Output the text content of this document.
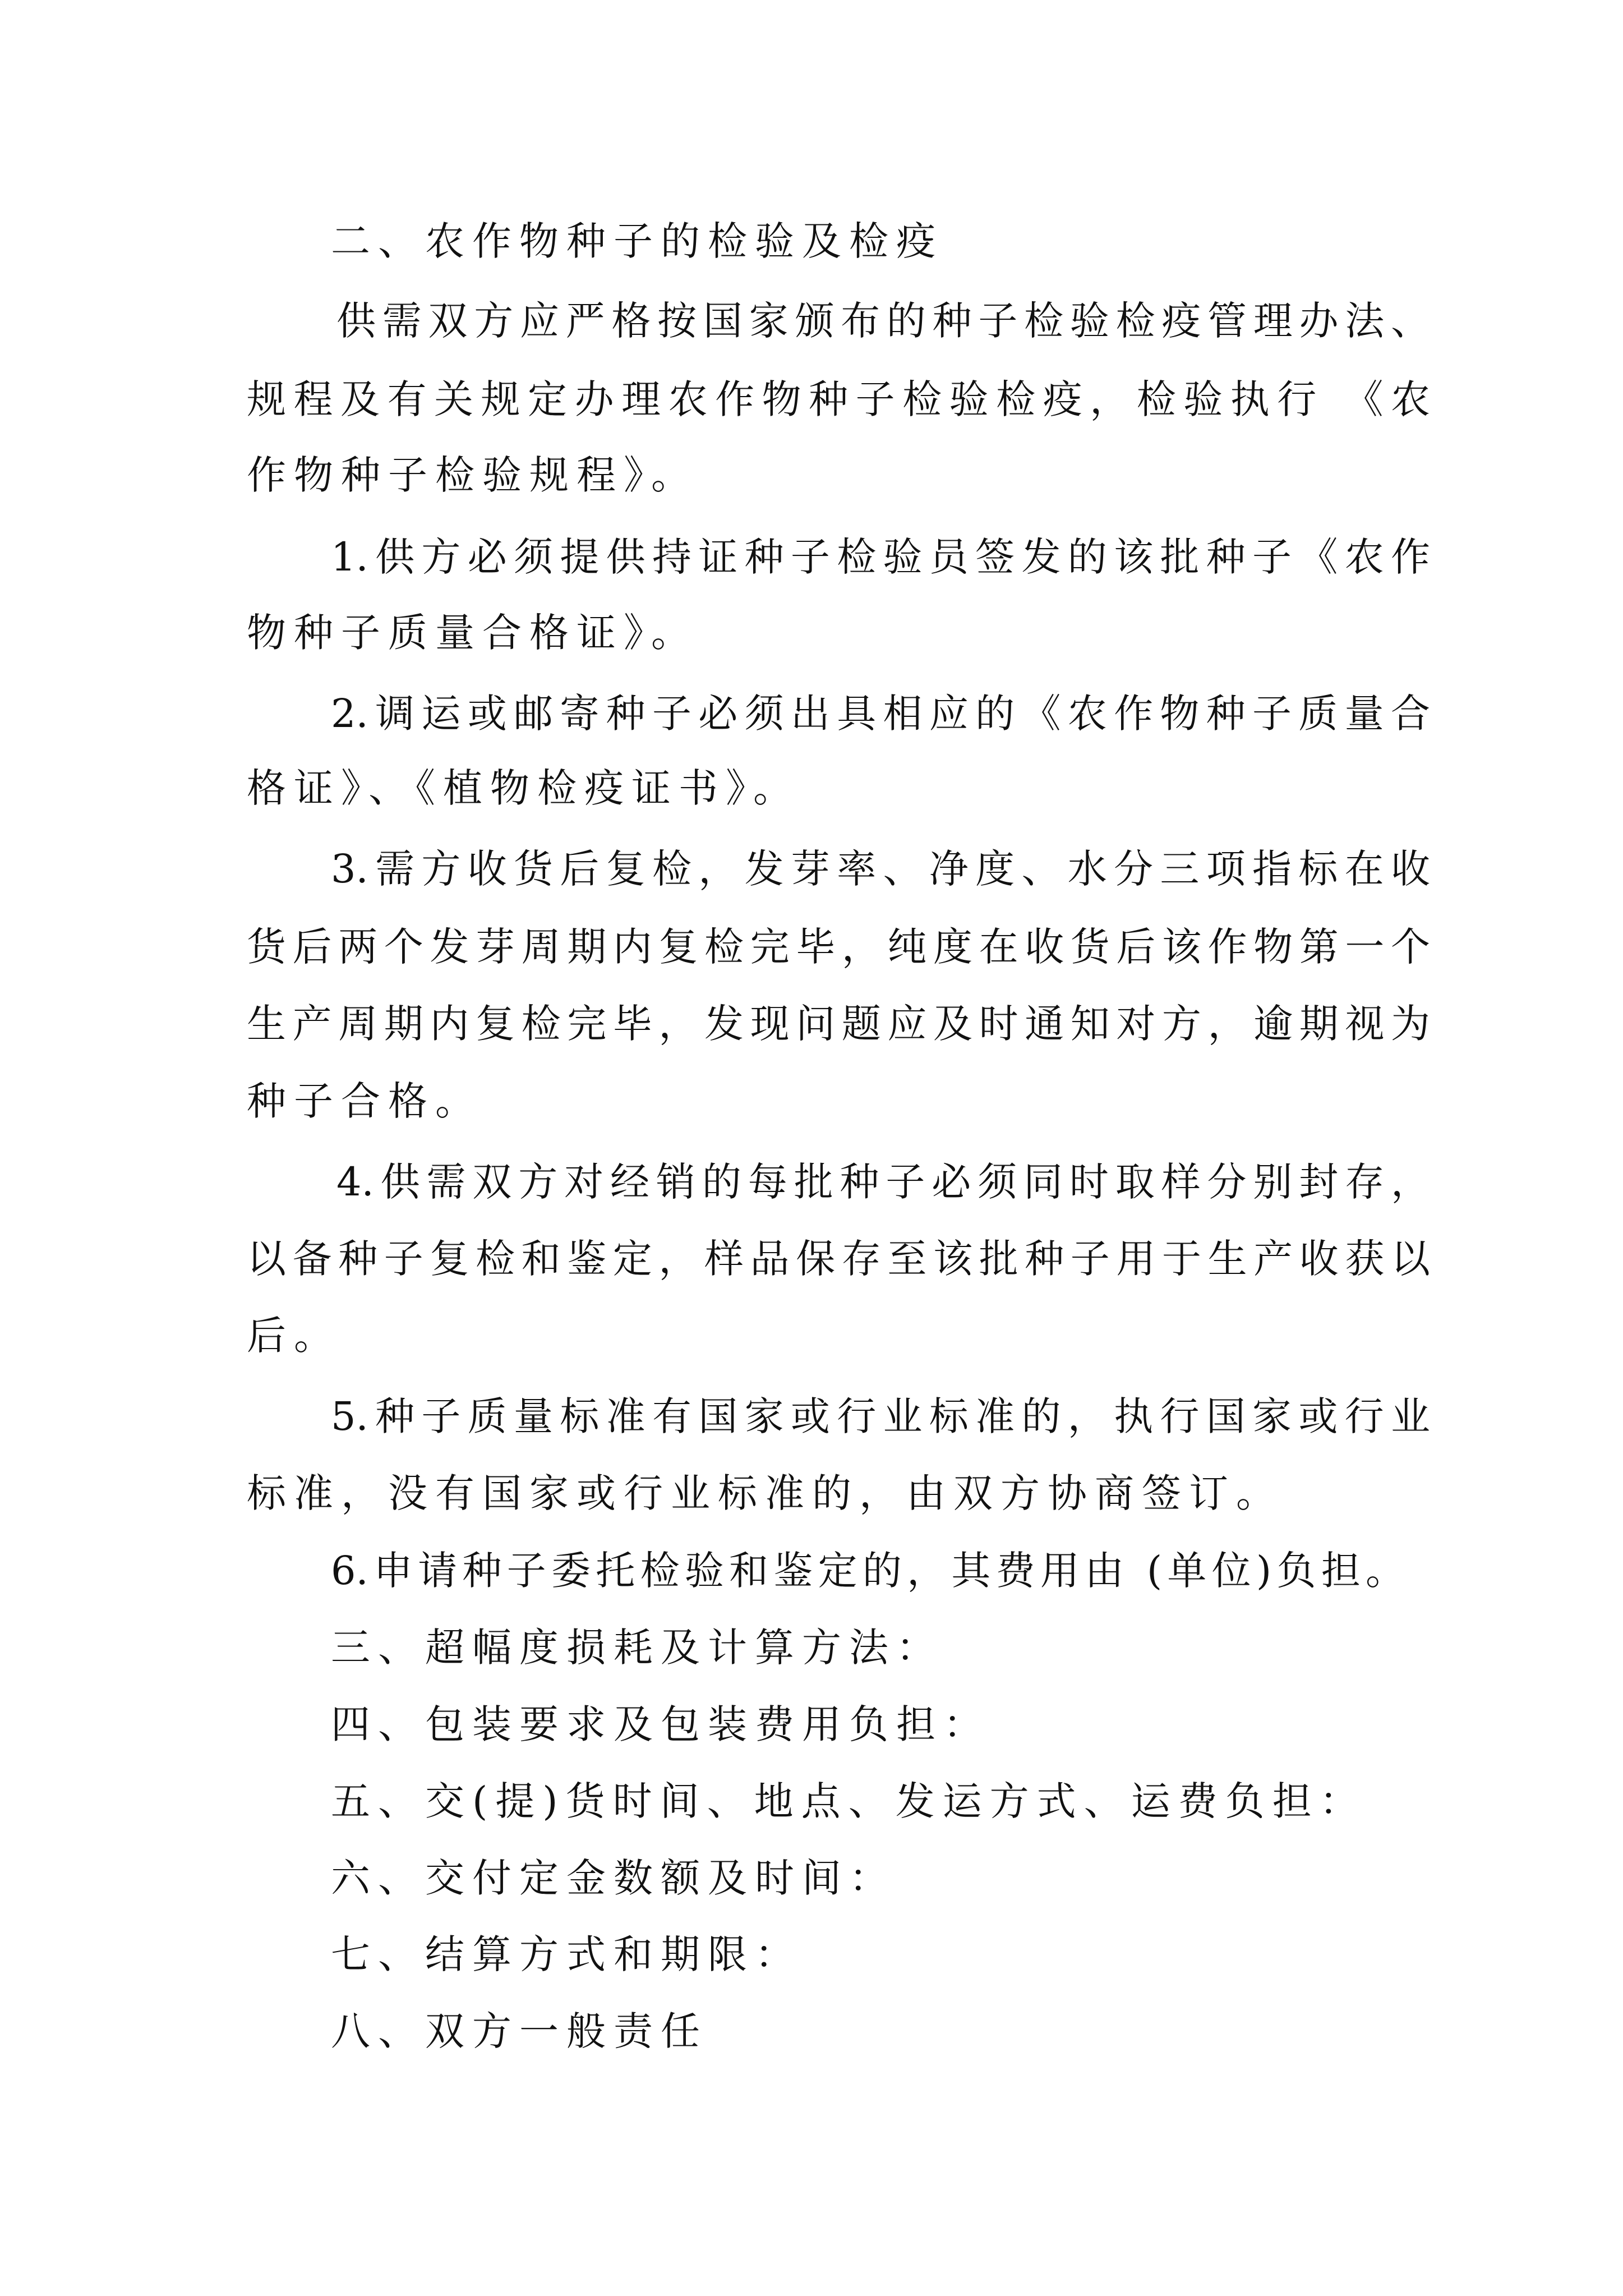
二、农作物种子的检验及检疫
供需双方应严格按国家颁布的种子检验检疫管理办法、
规程及有关规定办理农作物种子检验检疫，检验执行 《农
作物种子检验规程》。
1.供方必须提供持证种子检验员签发的该批种子《农作
物种子质量合格证》。
2.调运或邮寄种子必须出具相应的《农作物种子质量合
格证》、《植物检疫证书》。
3.需方收货后复检，发芽率、净度、水分三项指标在收
货后两个发芽周期内复检完毕，纯度在收货后该作物第一个
生产周期内复检完毕，发现问题应及时通知对方，逾期视为
种子合格。
4.供需双方对经销的每批种子必须同时取样分别封存，
以备种子复检和鉴定，样品保存至该批种子用于生产收获以
后。
5.种子质量标准有国家或行业标准的，执行国家或行业
标准，没有国家或行业标准的，由双方协商签订。
6.申请种子委托检验和鉴定的，其费用由 (单位)负担。
三、超幅度损耗及计算方法：
四、包装要求及包装费用负担：
五、交(提)货时间、地点、发运方式、运费负担：
六、交付定金数额及时间：
七、结算方式和期限：
八、双方一般责任
